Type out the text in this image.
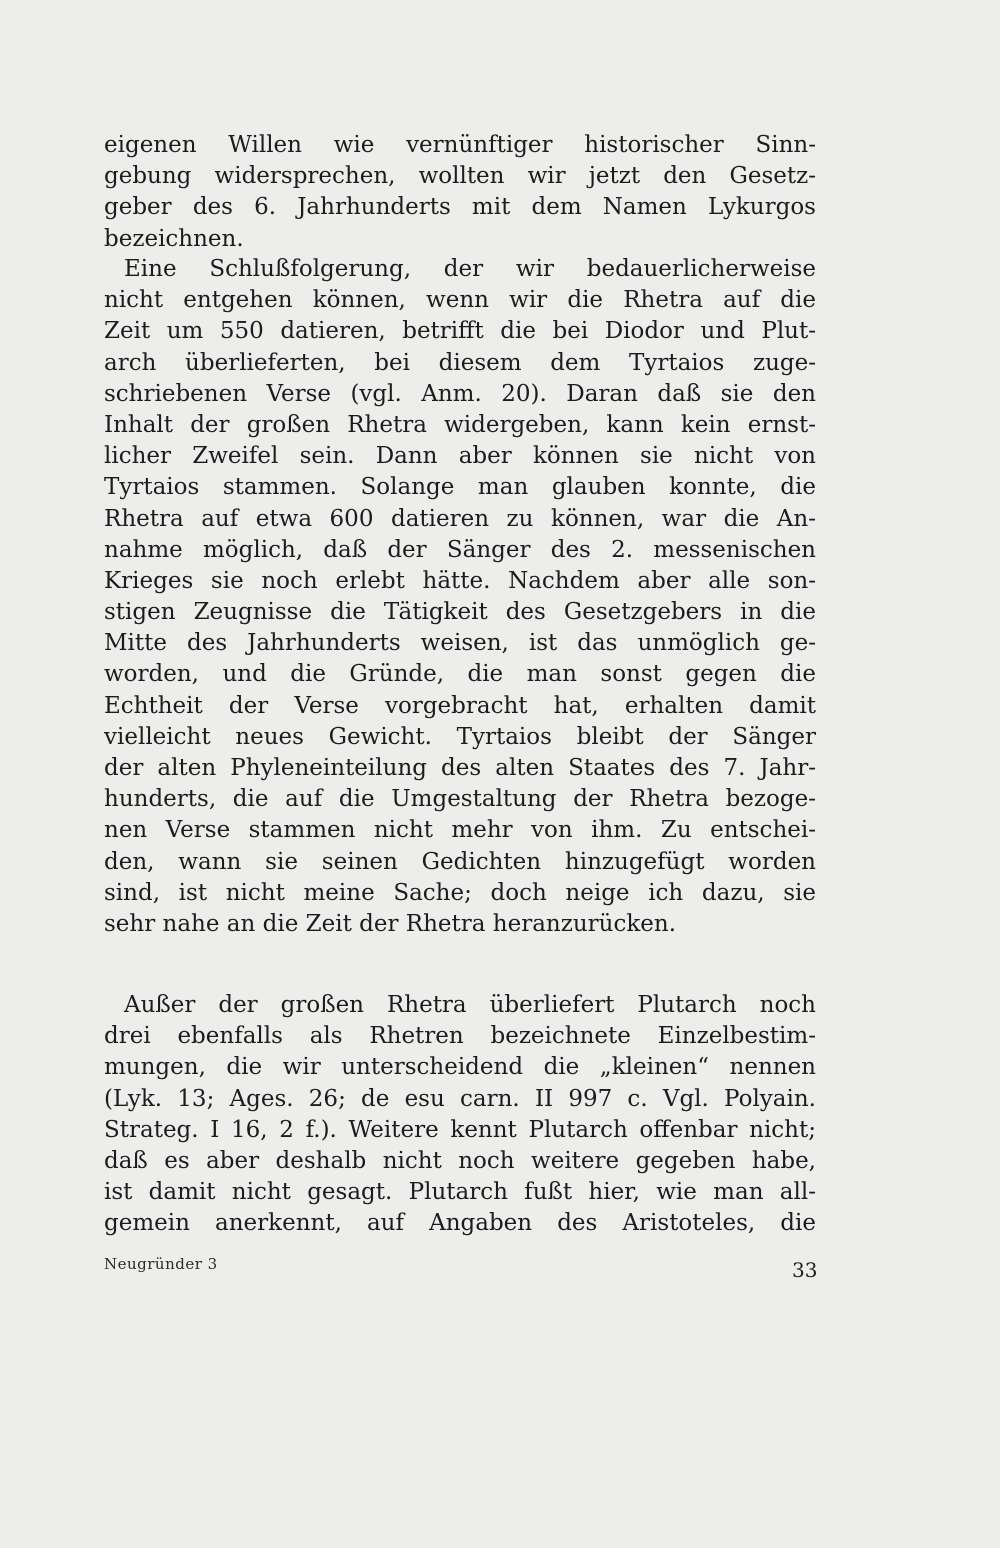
eigenen Willen wie vernünftiger historischer Sinn-
gebung widersprechen, wollten wir jetzt den Gesetz-
geber des 6. Jahrhunderts mit dem Namen Lykurgos
bezeichnen.
Eine Schlußfolgerung, der wir bedauerlicherweise
nicht entgehen können, wenn wir die Rhetra auf die
Zeit um 550 datieren, betrifft die bei Diodor und Plut-
arch überlieferten, bei diesem dem Tyrtaios zuge-
schriebenen Verse (vgl. Anm. 20). Daran daß sie den
Inhalt der großen Rhetra widergeben, kann kein ernst-
licher Zweifel sein. Dann aber können sie nicht von
Tyrtaios stammen. Solange man glauben konnte, die
Rhetra auf etwa 600 datieren zu können, war die An-
nahme möglich, daß der Sänger des 2. messenischen
Krieges sie noch erlebt hätte. Nachdem aber alle son-
stigen Zeugnisse die Tätigkeit des Gesetzgebers in die
Mitte des Jahrhunderts weisen, ist das unmöglich ge-
worden, und die Gründe, die man sonst gegen die
Echtheit der Verse vorgebracht hat, erhalten damit
vielleicht neues Gewicht. Tyrtaios bleibt der Sänger
der alten Phyleneinteilung des alten Staates des 7. Jahr-
hunderts, die auf die Umgestaltung der Rhetra bezoge-
nen Verse stammen nicht mehr von ihm. Zu entschei-
den, wann sie seinen Gedichten hinzugefügt worden
sind, ist nicht meine Sache; doch neige ich dazu, sie
sehr nahe an die Zeit der Rhetra heranzurücken.
Außer der großen Rhetra überliefert Plutarch noch
drei ebenfalls als Rhetren bezeichnete Einzelbestim-
mungen, die wir unterscheidend die „kleinen“ nennen
(Lyk. 13; Ages. 26; de esu carn. II 997 c. Vgl. Polyain.
Strateg. I 16, 2 f.). Weitere kennt Plutarch offenbar nicht;
daß es aber deshalb nicht noch weitere gegeben habe,
ist damit nicht gesagt. Plutarch fußt hier, wie man all-
gemein anerkennt, auf Angaben des Aristoteles, die
Neugründer 3	33
